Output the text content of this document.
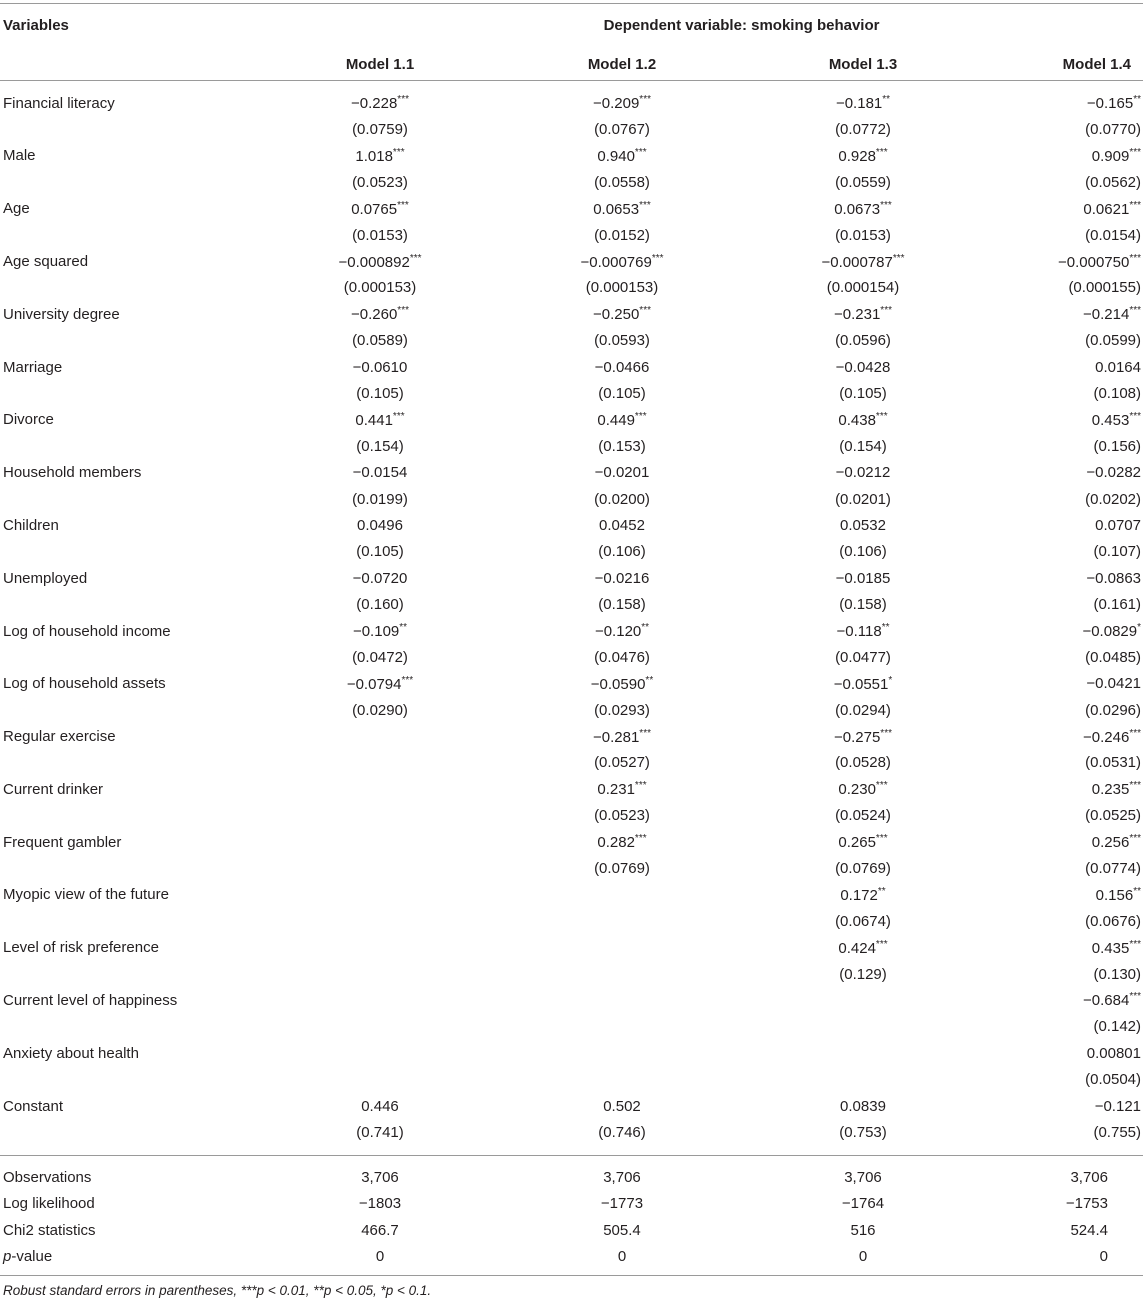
Variables	Dependent variable: smoking behavior			
	Model 1.1	Model 1.2	Model 1.3	Model 1.4
Financial literacy	−0.228***	−0.209***	−0.181**	−0.165**
	(0.0759)	(0.0767)	(0.0772)	(0.0770)
Male	1.018***	0.940***	0.928***	0.909***
	(0.0523)	(0.0558)	(0.0559)	(0.0562)
Age	0.0765***	0.0653***	0.0673***	0.0621***
	(0.0153)	(0.0152)	(0.0153)	(0.0154)
Age squared	−0.000892***	−0.000769***	−0.000787***	−0.000750***
	(0.000153)	(0.000153)	(0.000154)	(0.000155)
University degree	−0.260***	−0.250***	−0.231***	−0.214***
	(0.0589)	(0.0593)	(0.0596)	(0.0599)
Marriage	−0.0610	−0.0466	−0.0428	0.0164
	(0.105)	(0.105)	(0.105)	(0.108)
Divorce	0.441***	0.449***	0.438***	0.453***
	(0.154)	(0.153)	(0.154)	(0.156)
Household members	−0.0154	−0.0201	−0.0212	−0.0282
	(0.0199)	(0.0200)	(0.0201)	(0.0202)
Children	0.0496	0.0452	0.0532	0.0707
	(0.105)	(0.106)	(0.106)	(0.107)
Unemployed	−0.0720	−0.0216	−0.0185	−0.0863
	(0.160)	(0.158)	(0.158)	(0.161)
Log of household income	−0.109**	−0.120**	−0.118**	−0.0829*
	(0.0472)	(0.0476)	(0.0477)	(0.0485)
Log of household assets	−0.0794***	−0.0590**	−0.0551*	−0.0421
	(0.0290)	(0.0293)	(0.0294)	(0.0296)
Regular exercise		−0.281***	−0.275***	−0.246***
		(0.0527)	(0.0528)	(0.0531)
Current drinker		0.231***	0.230***	0.235***
		(0.0523)	(0.0524)	(0.0525)
Frequent gambler		0.282***	0.265***	0.256***
		(0.0769)	(0.0769)	(0.0774)
Myopic view of the future			0.172**	0.156**
			(0.0674)	(0.0676)
Level of risk preference			0.424***	0.435***
			(0.129)	(0.130)
Current level of happiness				−0.684***
				(0.142)
Anxiety about health				0.00801
				(0.0504)
Constant	0.446	0.502	0.0839	−0.121
	(0.741)	(0.746)	(0.753)	(0.755)
Observations	3,706	3,706	3,706	3,706
Log likelihood	−1803	−1773	−1764	−1753
Chi2 statistics	466.7	505.4	516	524.4
p-value	0	0	0	0
Robust standard errors in parentheses, ***p < 0.01, **p < 0.05, *p < 0.1.
